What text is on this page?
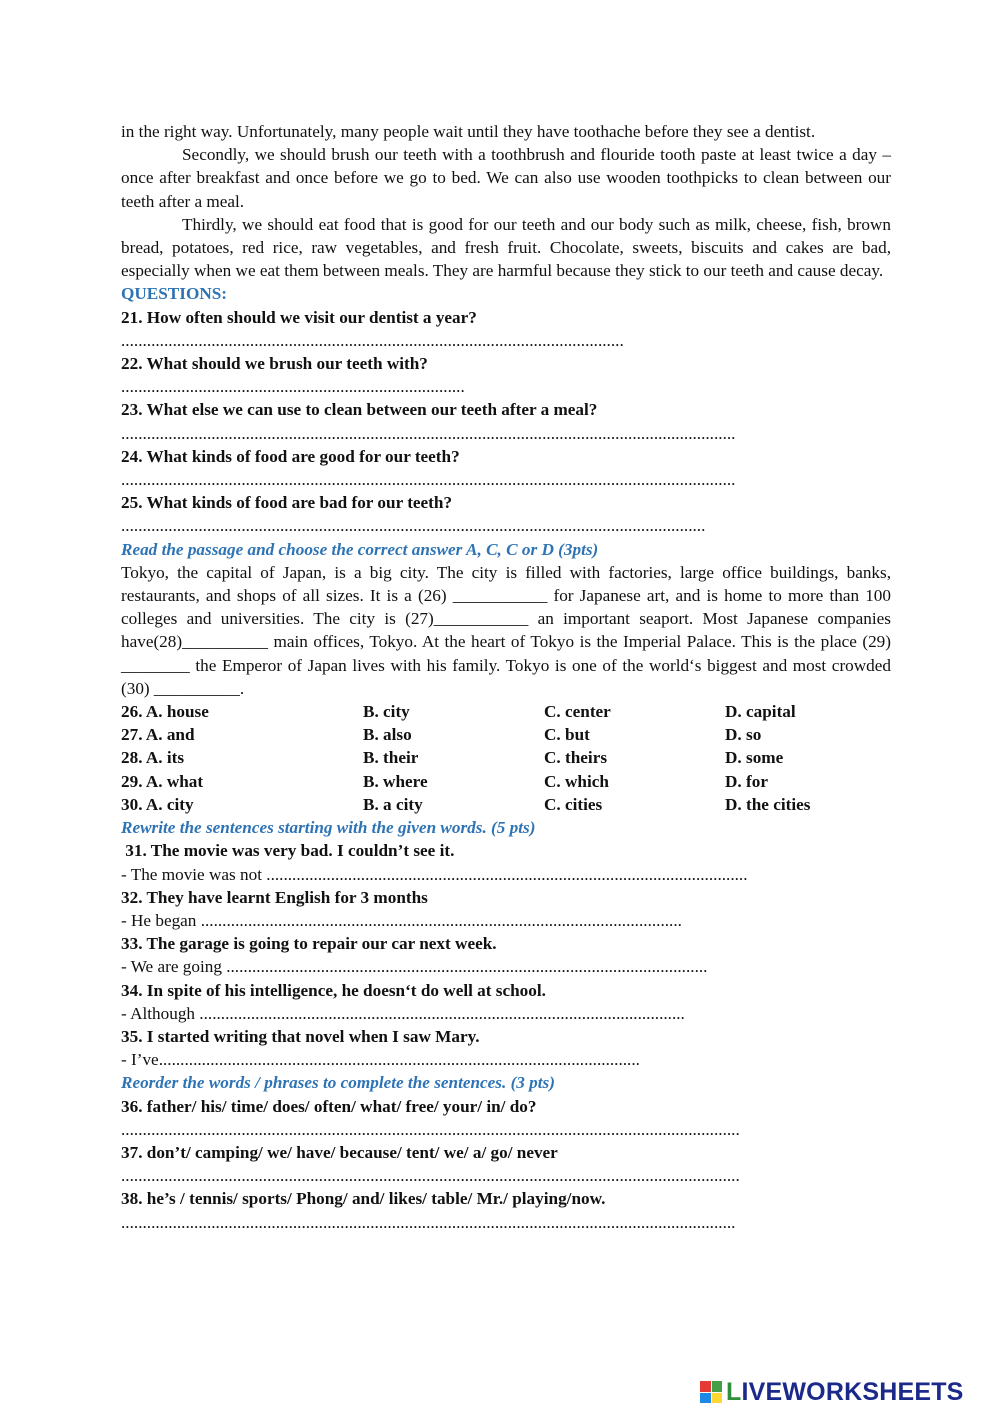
in the right way. Unfortunately, many people wait until they have toothache before they see a dentist.

Secondly, we should brush our teeth with a toothbrush and flouride tooth paste at least twice a day – once after breakfast and once before we go to bed. We can also use wooden toothpicks to clean between our teeth after a meal.

Thirdly, we should eat food that is good for our teeth and our body such as milk, cheese, fish, brown bread, potatoes, red rice, raw vegetables, and fresh fruit. Chocolate, sweets, biscuits and cakes are bad, especially when we eat them between meals. They are harmful because they stick to our teeth and cause decay.

QUESTIONS:

21. How often should we visit our dentist a year?

.....................................................................................................................

22. What should we brush our teeth with?

................................................................................

23. What else we can use to clean between our teeth after a meal?

...............................................................................................................................................

24. What kinds of food are good for our teeth?

...............................................................................................................................................

25. What kinds of food are bad for our teeth?

........................................................................................................................................

Read the passage and choose the correct answer A, C, C or D (3pts)

Tokyo, the capital of Japan, is a big city. The city is filled with factories, large office buildings, banks, restaurants, and shops of all sizes. It is a (26) ___________ for Japanese art, and is home to more than 100 colleges and universities. The city is (27)___________ an important seaport. Most Japanese companies have(28)__________ main offices, Tokyo. At the heart of Tokyo is the Imperial Palace. This is the place (29) ________ the Emperor of Japan lives with his family. Tokyo is one of the world‘s biggest and most crowded (30) __________.

26. A. house	B. city	C. center	D. capital
27. A. and	B. also	C. but	D. so
28. A. its	B. their	C. theirs	D. some
29. A. what	B. where	C. which	D. for
30. A. city	B. a city	C. cities	D. the cities

Rewrite the sentences starting with the given words. (5 pts)

31. The movie was very bad. I couldn’t see it.

- The movie was not ................................................................................................................

32. They have learnt English for 3 months

- He began ................................................................................................................

33. The garage is going to repair our car next week.

- We are going ................................................................................................................

34. In spite of his intelligence, he doesn‘t do well at school.

- Although .................................................................................................................

35. I started writing that novel when I saw Mary.

- I’ve................................................................................................................

Reorder the words / phrases to complete the sentences. (3 pts)

36. father/ his/ time/ does/ often/ what/ free/ your/ in/ do?

................................................................................................................................................

37. don’t/ camping/ we/ have/ because/ tent/ we/ a/ go/ never

................................................................................................................................................

38. he’s / tennis/ sports/ Phong/ and/ likes/ table/ Mr./ playing/now.

...............................................................................................................................................

LIVEWORKSHEETS
